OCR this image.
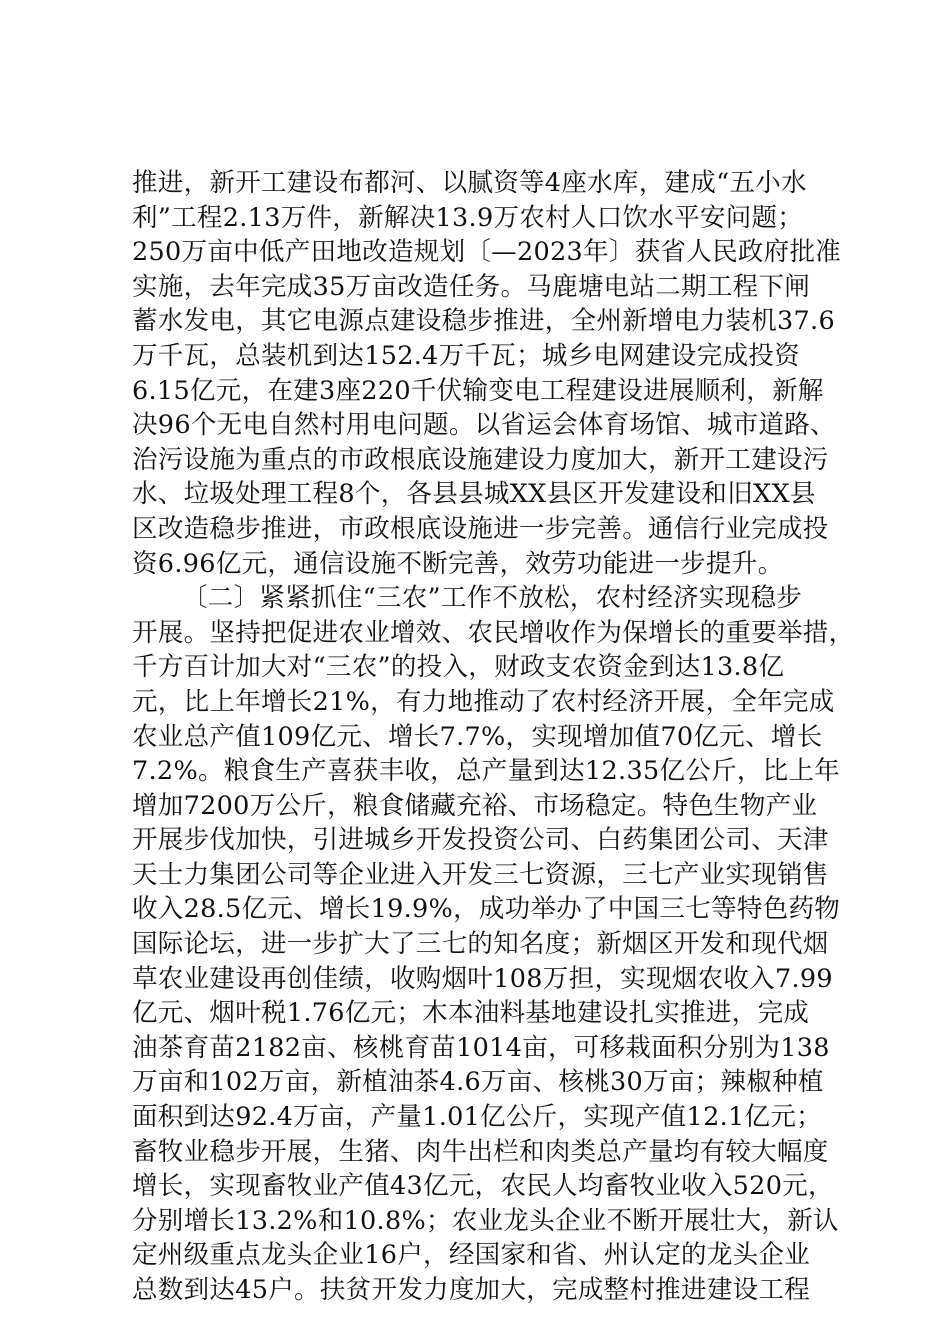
推进，新开工建设布都河、以腻资等4座水库，建成“五小水
利”工程2.13万件，新解决13.9万农村人口饮水平安问题；
250万亩中低产田地改造规划〔—2023年〕获省人民政府批准
实施，去年完成35万亩改造任务。马鹿塘电站二期工程下闸
蓄水发电，其它电源点建设稳步推进，全州新增电力装机37.6
万千瓦，总装机到达152.4万千瓦；城乡电网建设完成投资
6.15亿元，在建3座220千伏输变电工程建设进展顺利，新解
决96个无电自然村用电问题。以省运会体育场馆、城市道路、
治污设施为重点的市政根底设施建设力度加大，新开工建设污
水、垃圾处理工程8个，各县县城XX县区开发建设和旧XX县
区改造稳步推进，市政根底设施进一步完善。通信行业完成投
资6.96亿元，通信设施不断完善，效劳功能进一步提升。
〔二〕紧紧抓住“三农”工作不放松，农村经济实现稳步
开展。坚持把促进农业增效、农民增收作为保增长的重要举措，
千方百计加大对“三农”的投入，财政支农资金到达13.8亿
元，比上年增长21%，有力地推动了农村经济开展，全年完成
农业总产值109亿元、增长7.7%，实现增加值70亿元、增长
7.2%。粮食生产喜获丰收，总产量到达12.35亿公斤，比上年
增加7200万公斤，粮食储藏充裕、市场稳定。特色生物产业
开展步伐加快，引进城乡开发投资公司、白药集团公司、天津
天士力集团公司等企业进入开发三七资源，三七产业实现销售
收入28.5亿元、增长19.9%，成功举办了中国三七等特色药物
国际论坛，进一步扩大了三七的知名度；新烟区开发和现代烟
草农业建设再创佳绩，收购烟叶108万担，实现烟农收入7.99
亿元、烟叶税1.76亿元；木本油料基地建设扎实推进，完成
油茶育苗2182亩、核桃育苗1014亩，可移栽面积分别为138
万亩和102万亩，新植油茶4.6万亩、核桃30万亩；辣椒种植
面积到达92.4万亩，产量1.01亿公斤，实现产值12.1亿元；
畜牧业稳步开展，生猪、肉牛出栏和肉类总产量均有较大幅度
增长，实现畜牧业产值43亿元，农民人均畜牧业收入520元，
分别增长13.2%和10.8%；农业龙头企业不断开展壮大，新认
定州级重点龙头企业16户，经国家和省、州认定的龙头企业
总数到达45户。扶贫开发力度加大，完成整村推进建设工程
